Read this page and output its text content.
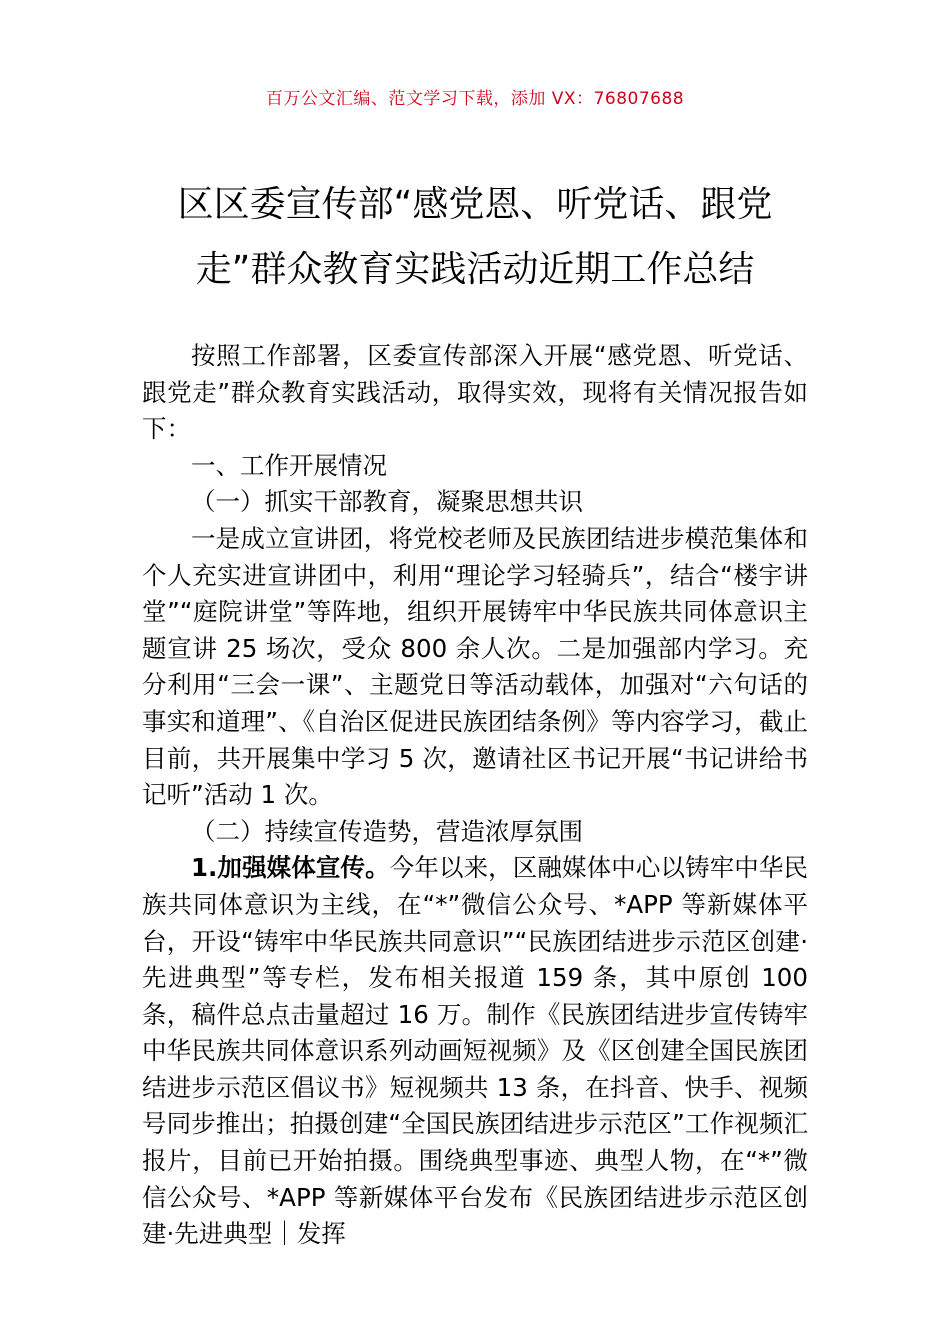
百万公文汇编、范文学习下载，添加 VX：76807688
区区委宣传部“感党恩、听党话、跟党走”群众教育实践活动近期工作总结

按照工作部署，区委宣传部深入开展“感党恩、听党话、跟党走”群众教育实践活动，取得实效，现将有关情况报告如下：

一、工作开展情况

（一）抓实干部教育，凝聚思想共识

一是成立宣讲团，将党校老师及民族团结进步模范集体和个人充实进宣讲团中，利用“理论学习轻骑兵”，结合“楼宇讲堂”“庭院讲堂”等阵地，组织开展铸牢中华民族共同体意识主题宣讲 25 场次，受众 800 余人次。二是加强部内学习。充分利用“三会一课”、主题党日等活动载体，加强对“六句话的事实和道理”、《自治区促进民族团结条例》等内容学习，截止目前，共开展集中学习 5 次，邀请社区书记开展“书记讲给书记听”活动 1 次。

（二）持续宣传造势，营造浓厚氛围

1.加强媒体宣传。今年以来，区融媒体中心以铸牢中华民族共同体意识为主线，在“*”微信公众号、*APP 等新媒体平台，开设“铸牢中华民族共同意识”“民族团结进步示范区创建·先进典型”等专栏，发布相关报道 159 条，其中原创 100 条，稿件总点击量超过 16 万。制作《民族团结进步宣传铸牢中华民族共同体意识系列动画短视频》及《区创建全国民族团结进步示范区倡议书》短视频共 13 条，在抖音、快手、视频号同步推出；拍摄创建“全国民族团结进步示范区”工作视频汇报片，目前已开始拍摄。围绕典型事迹、典型人物，在“*”微信公众号、*APP 等新媒体平台发布《民族团结进步示范区创建·先进典型｜发挥
